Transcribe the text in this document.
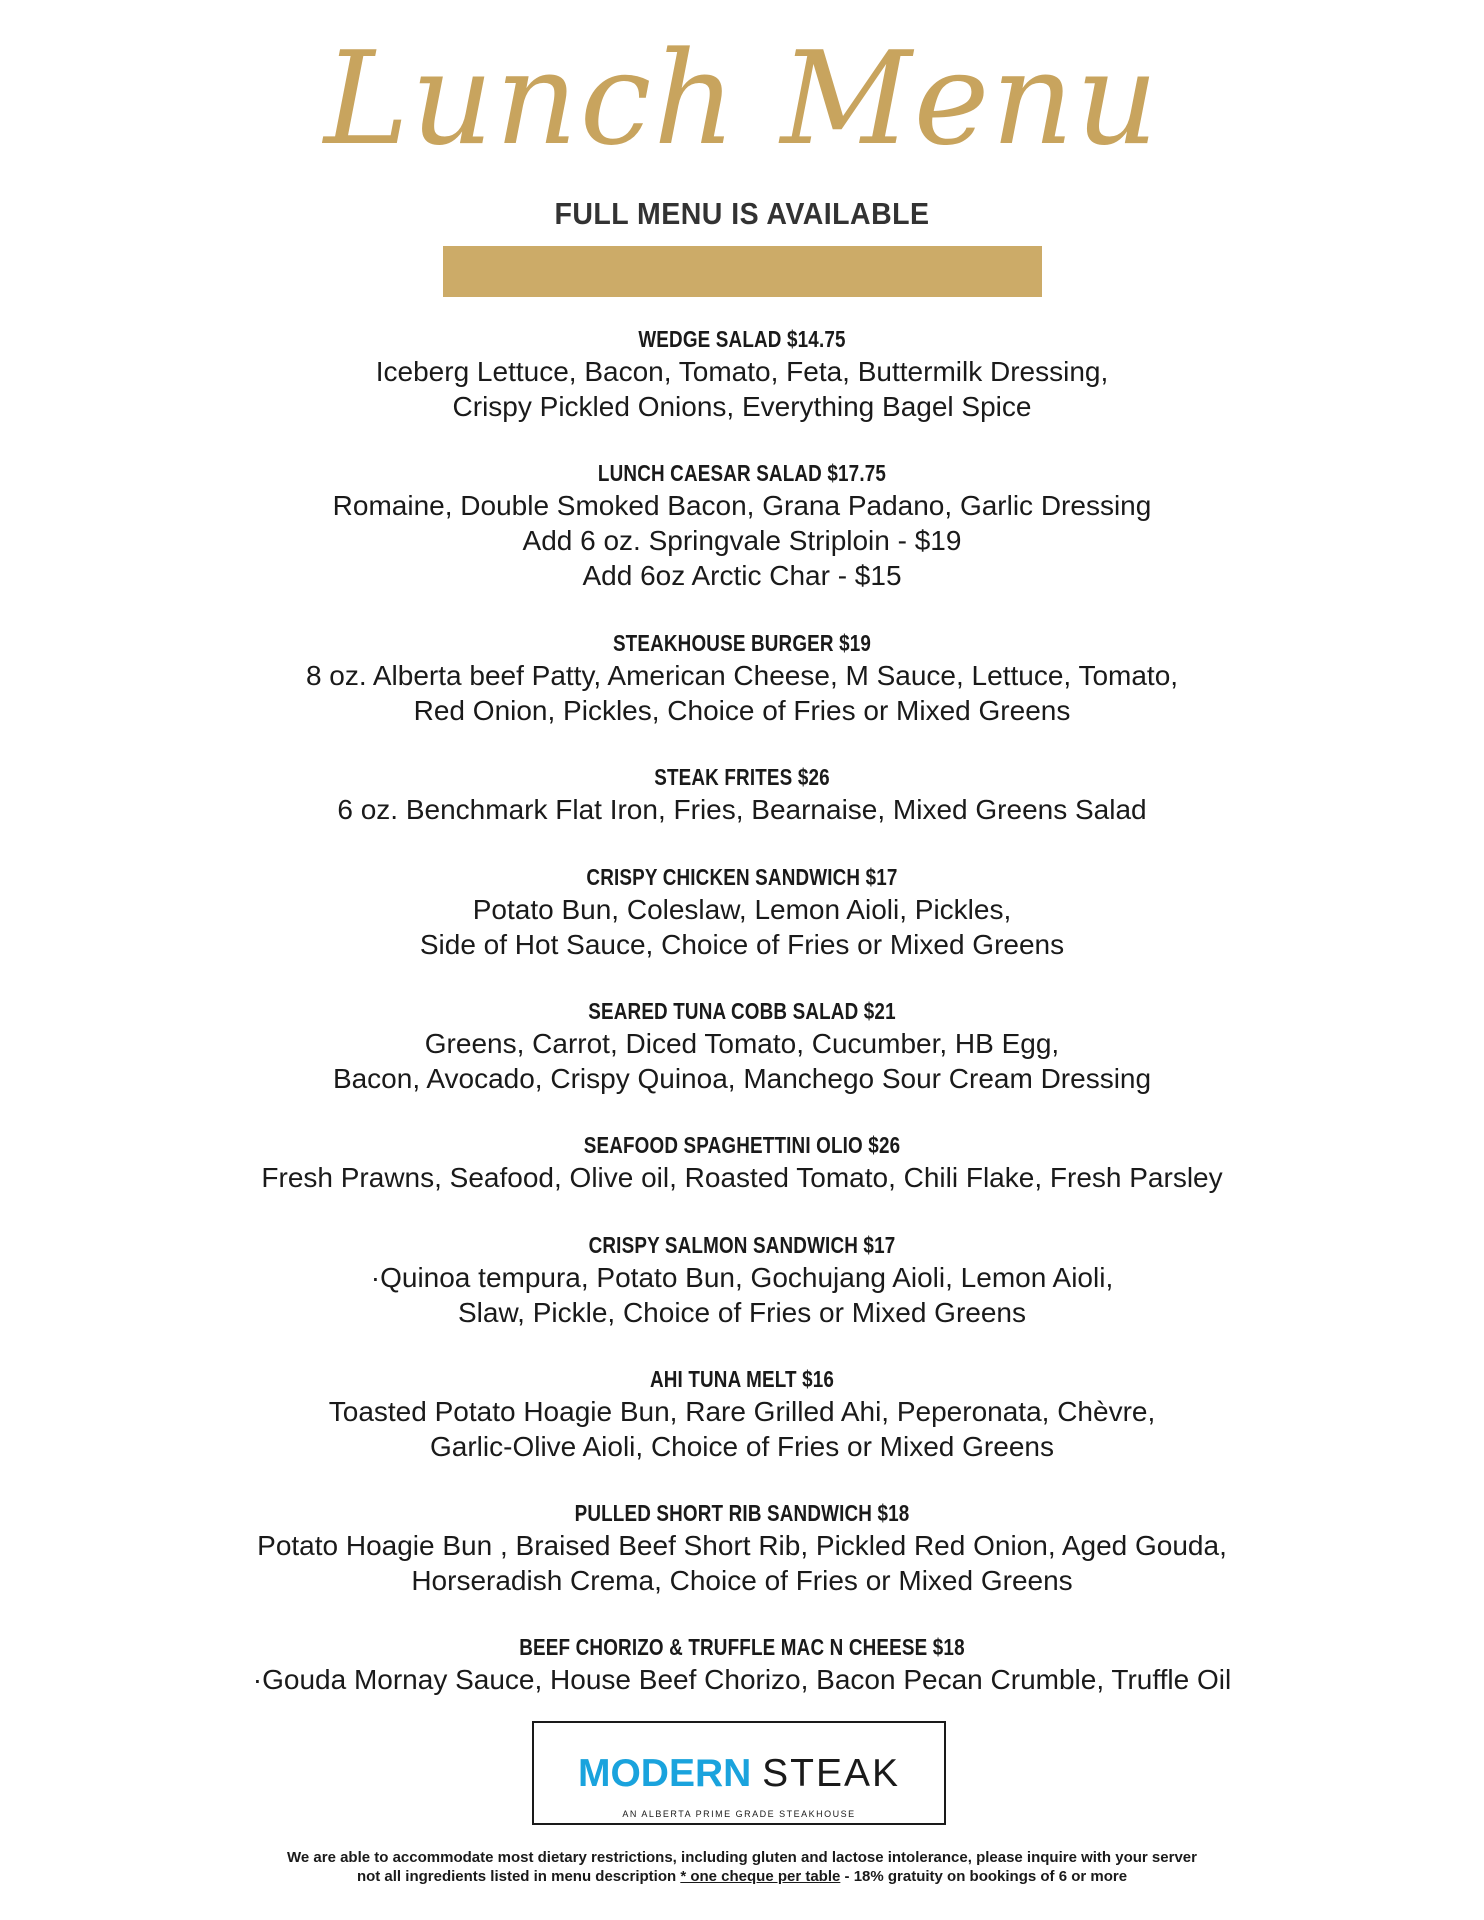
Lunch Menu
FULL MENU IS AVAILABLE
WEDGE SALAD $14.75
Iceberg Lettuce, Bacon, Tomato, Feta, Buttermilk Dressing,
Crispy Pickled Onions, Everything Bagel Spice
LUNCH CAESAR SALAD $17.75
Romaine, Double Smoked Bacon, Grana Padano, Garlic Dressing
Add 6 oz. Springvale Striploin - $19
Add 6oz Arctic Char - $15
STEAKHOUSE BURGER $19
8 oz. Alberta beef Patty, American Cheese, M Sauce, Lettuce, Tomato,
Red Onion, Pickles, Choice of Fries or Mixed Greens
STEAK FRITES $26
6 oz. Benchmark Flat Iron, Fries, Bearnaise, Mixed Greens Salad
CRISPY CHICKEN SANDWICH $17
Potato Bun, Coleslaw, Lemon Aioli, Pickles,
Side of Hot Sauce, Choice of Fries or Mixed Greens
SEARED TUNA COBB SALAD $21
Greens, Carrot, Diced Tomato, Cucumber, HB Egg,
Bacon, Avocado, Crispy Quinoa, Manchego Sour Cream Dressing
SEAFOOD SPAGHETTINI OLIO $26
Fresh Prawns, Seafood, Olive oil, Roasted Tomato, Chili Flake, Fresh Parsley
CRISPY SALMON SANDWICH $17
·Quinoa tempura, Potato Bun, Gochujang Aioli, Lemon Aioli,
Slaw, Pickle, Choice of Fries or Mixed Greens
AHI TUNA MELT $16
Toasted Potato Hoagie Bun, Rare Grilled Ahi, Peperonata, Chèvre,
Garlic-Olive Aioli, Choice of Fries or Mixed Greens
PULLED SHORT RIB SANDWICH $18
Potato Hoagie Bun , Braised Beef Short Rib, Pickled Red Onion, Aged Gouda,
Horseradish Crema, Choice of Fries or Mixed Greens
BEEF CHORIZO & TRUFFLE MAC N CHEESE $18
·Gouda Mornay Sauce, House Beef Chorizo, Bacon Pecan Crumble, Truffle Oil
MODERN STEAK
AN ALBERTA PRIME GRADE STEAKHOUSE
We are able to accommodate most dietary restrictions, including gluten and lactose intolerance, please inquire with your server
not all ingredients listed in menu description * one cheque per table - 18% gratuity on bookings of 6 or more
